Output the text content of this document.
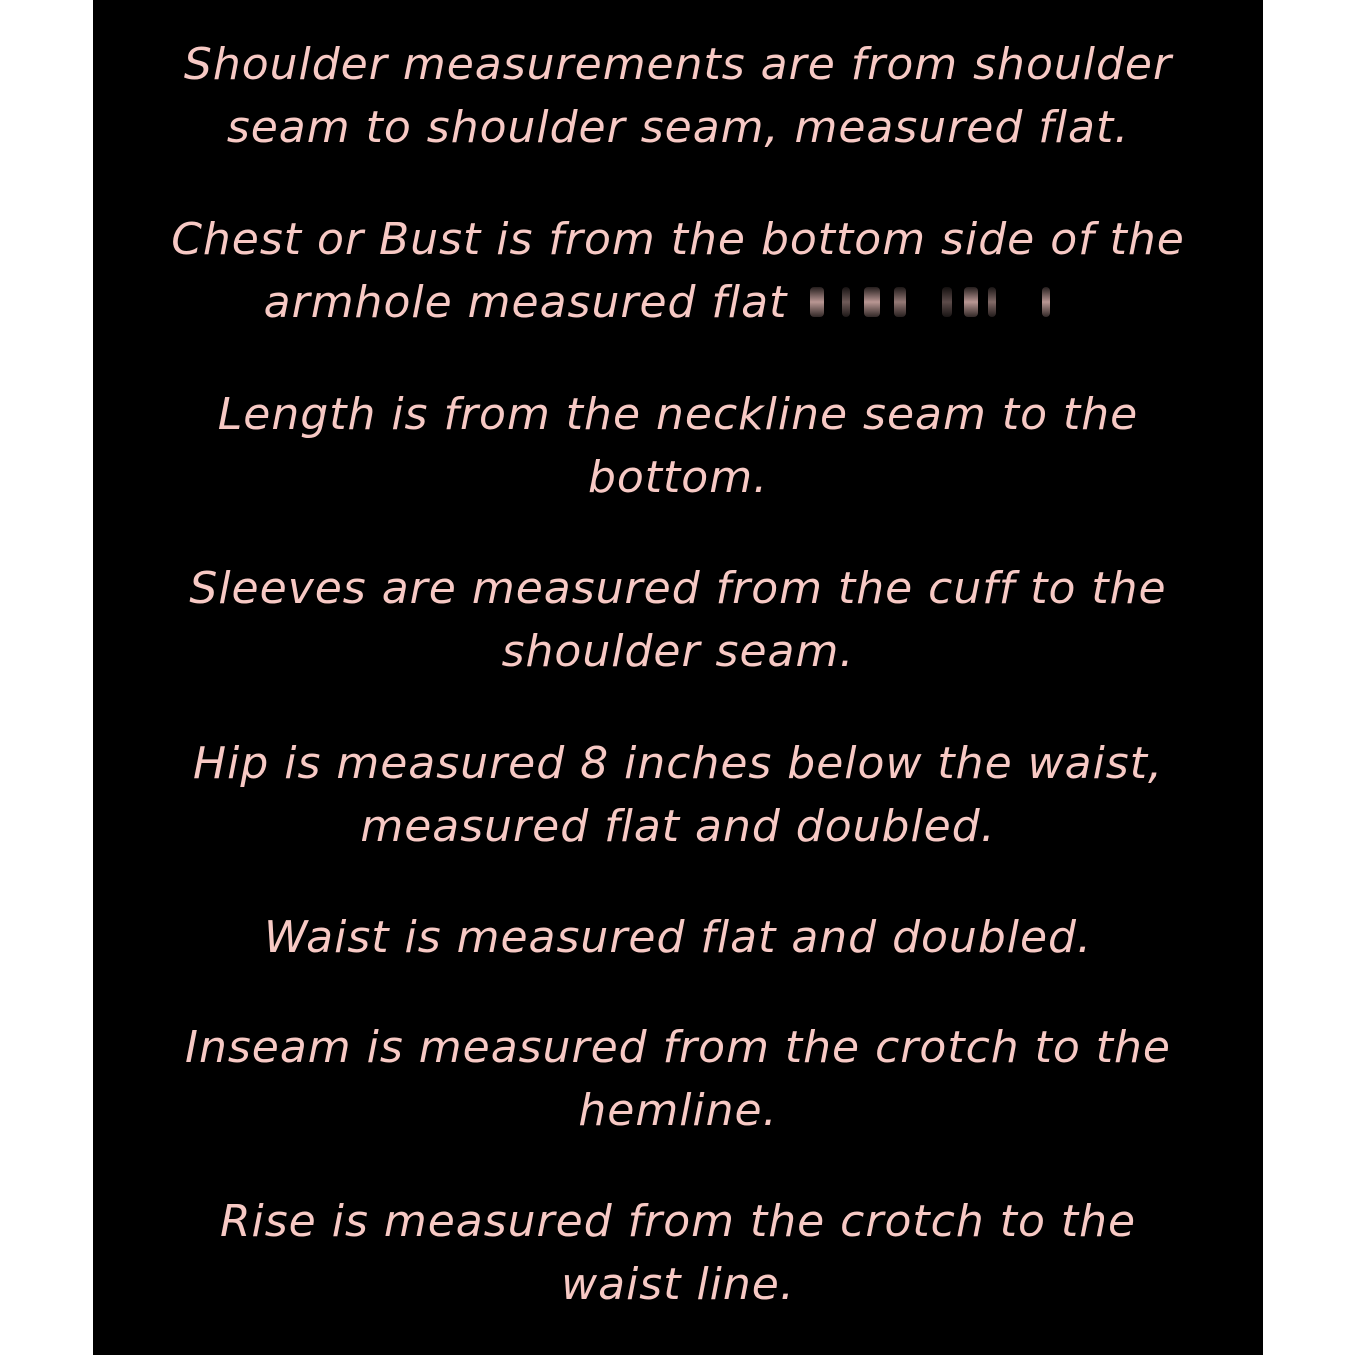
Shoulder measurements are from shoulder
seam to shoulder seam, measured flat.

Chest or Bust is from the bottom side of the
armhole measured flat

Length is from the neckline seam to the
bottom.

Sleeves are measured from the cuff to the
shoulder seam.

Hip is measured 8 inches below the waist,
measured flat and doubled.

Waist is measured flat and doubled.

Inseam is measured from the crotch to the
hemline.

Rise is measured from the crotch to the
waist line.
